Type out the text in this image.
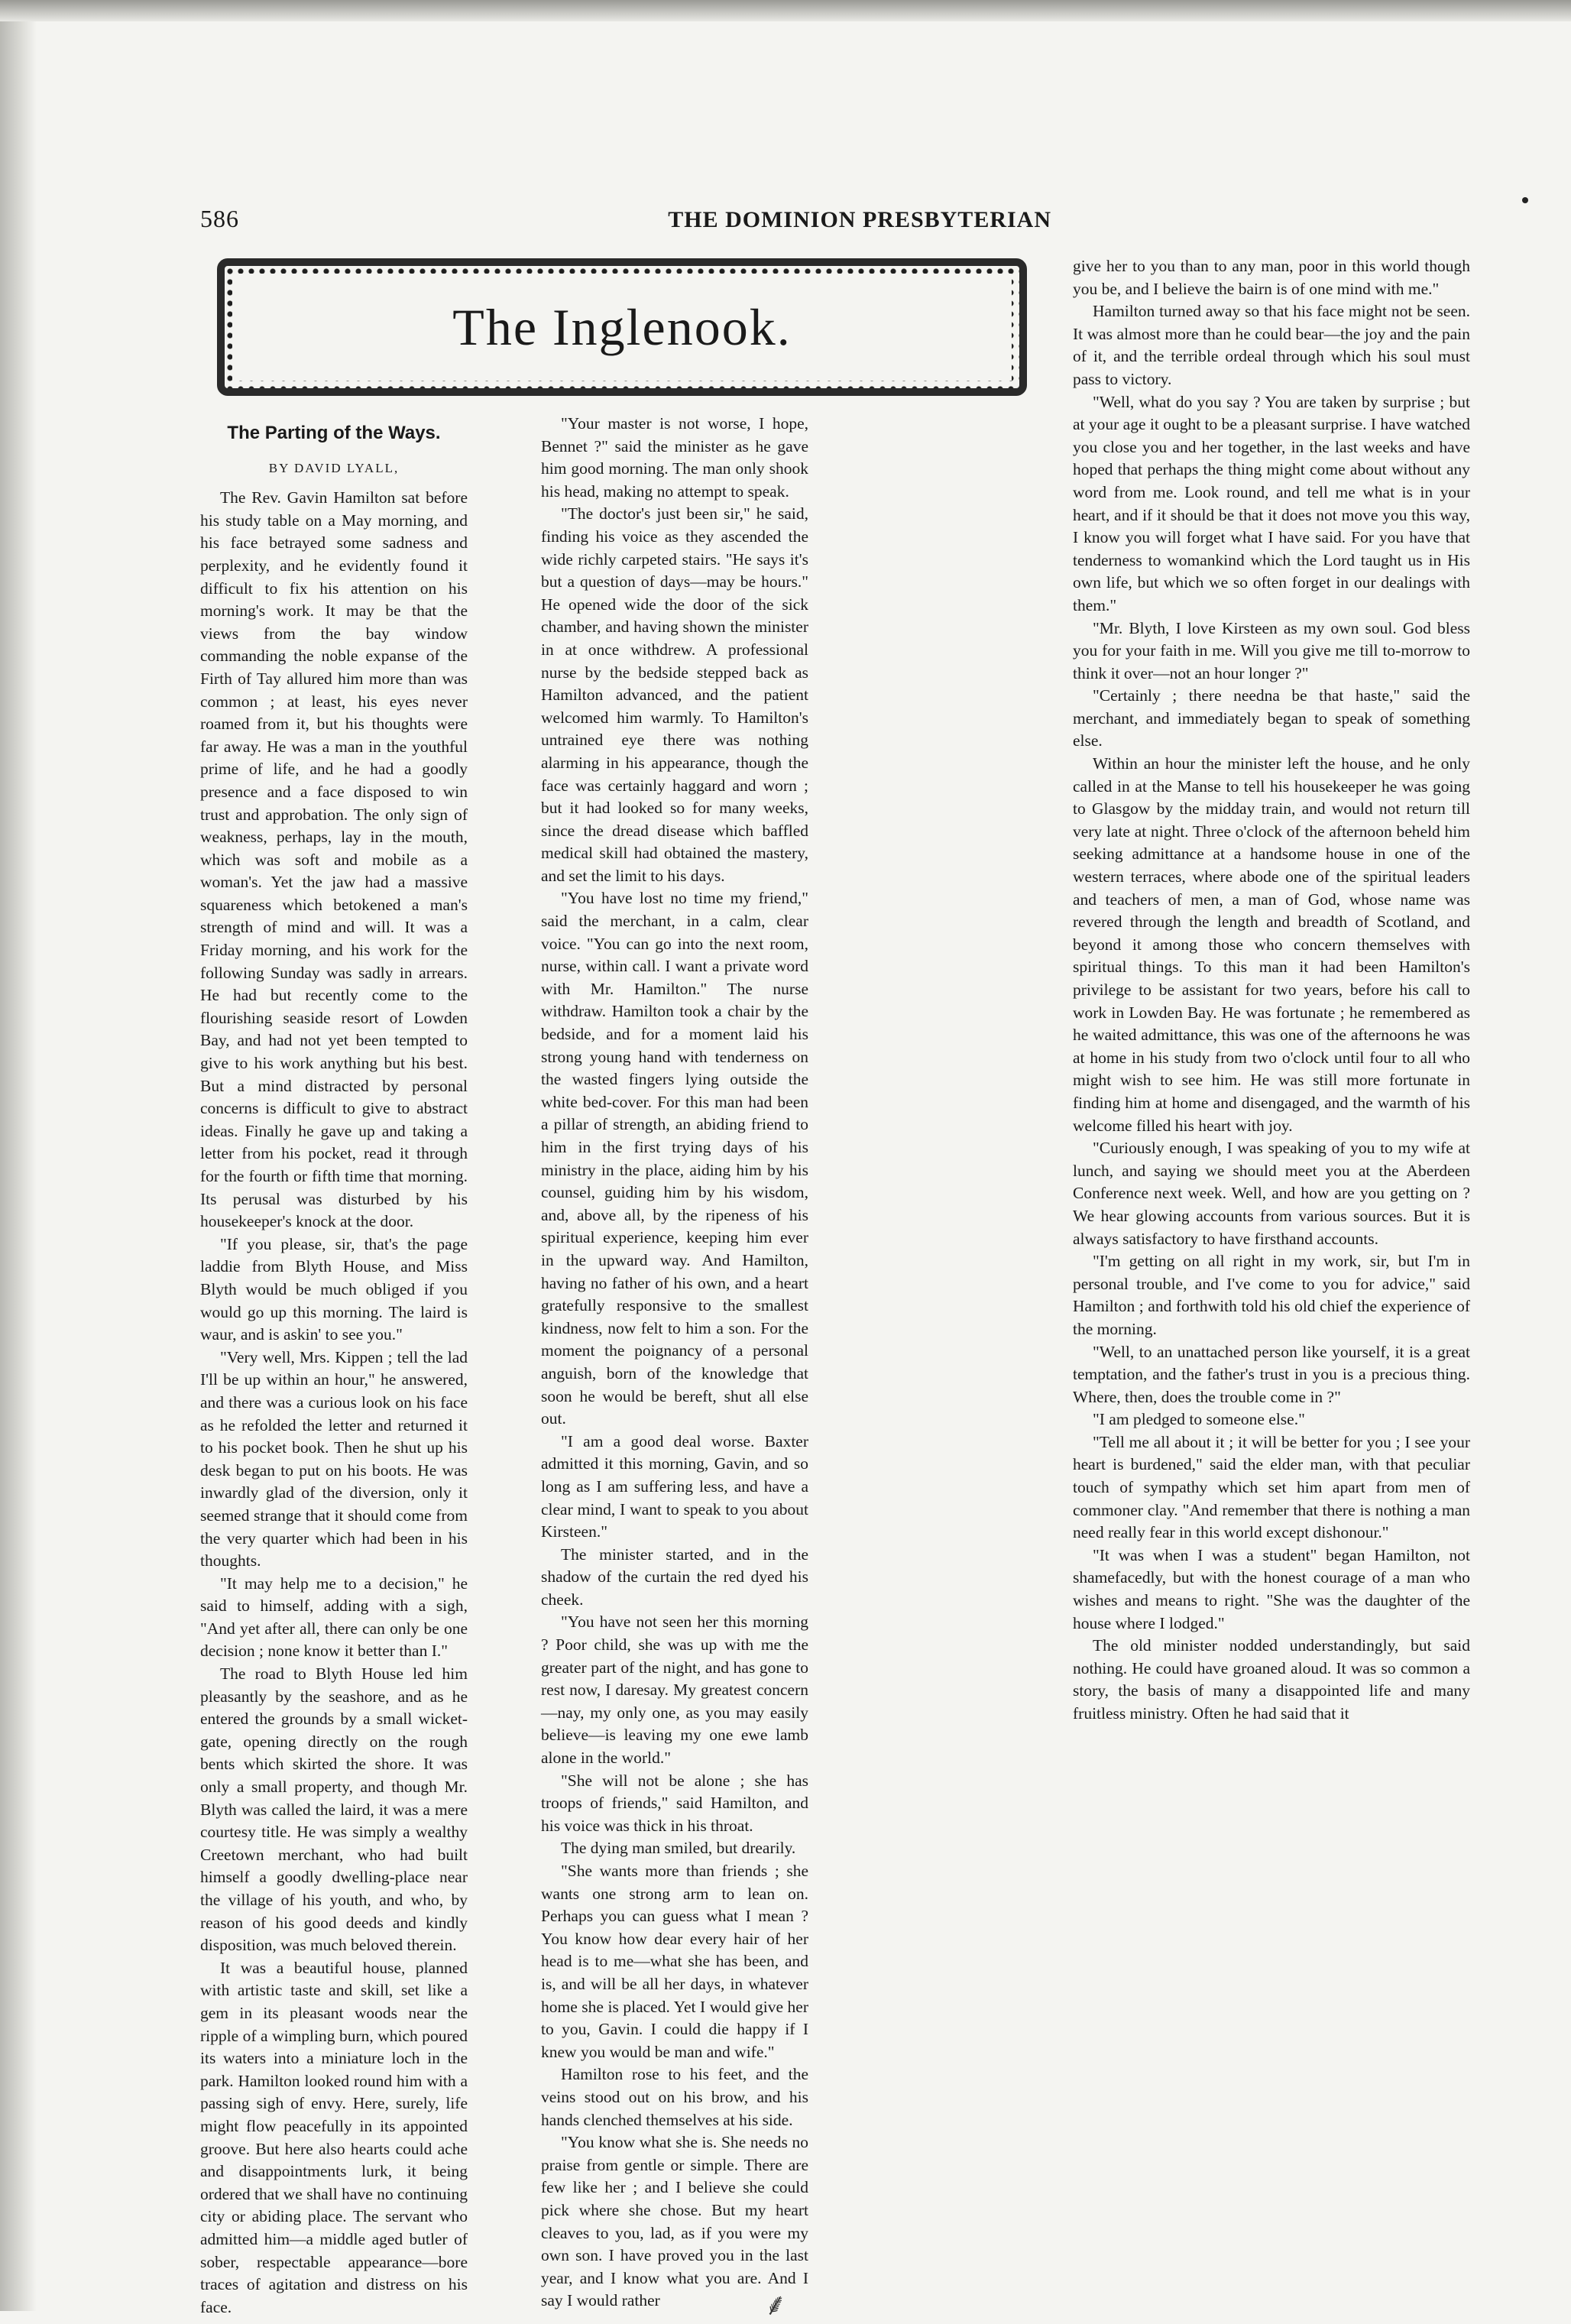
586	THE DOMINION PRESBYTERIAN
The Inglenook.
The Parting of the Ways.
BY DAVID LYALL,

The Rev. Gavin Hamilton sat before his study table on a May morning, and his face betrayed some sadness and perplexity, and he evidently found it difficult to fix his attention on his morning's work. It may be that the views from the bay window commanding the noble expanse of the Firth of Tay allured him more than was common ; at least, his eyes never roamed from it, but his thoughts were far away. He was a man in the youthful prime of life, and he had a goodly presence and a face disposed to win trust and approbation. The only sign of weakness, perhaps, lay in the mouth, which was soft and mobile as a woman's. Yet the jaw had a massive squareness which betokened a man's strength of mind and will. It was a Friday morning, and his work for the following Sunday was sadly in arrears. He had but recently come to the flourishing seaside resort of Lowden Bay, and had not yet been tempted to give to his work anything but his best. But a mind distracted by personal concerns is difficult to give to abstract ideas. Finally he gave up and taking a letter from his pocket, read it through for the fourth or fifth time that morning. Its perusal was disturbed by his housekeeper's knock at the door.

"If you please, sir, that's the page laddie from Blyth House, and Miss Blyth would be much obliged if you would go up this morning. The laird is waur, and is askin' to see you."

"Very well, Mrs. Kippen ; tell the lad I'll be up within an hour," he answered, and there was a curious look on his face as he refolded the letter and returned it to his pocket book. Then he shut up his desk began to put on his boots. He was inwardly glad of the diversion, only it seemed strange that it should come from the very quarter which had been in his thoughts.

"It may help me to a decision," he said to himself, adding with a sigh, "And yet after all, there can only be one decision ; none know it better than I."

The road to Blyth House led him pleasantly by the seashore, and as he entered the grounds by a small wicket-gate, opening directly on the rough bents which skirted the shore. It was only a small property, and though Mr. Blyth was called the laird, it was a mere courtesy title. He was simply a wealthy Creetown merchant, who had built himself a goodly dwelling-place near the village of his youth, and who, by reason of his good deeds and kindly disposition, was much beloved therein.

It was a beautiful house, planned with artistic taste and skill, set like a gem in its pleasant woods near the ripple of a wimpling burn, which poured its waters into a miniature loch in the park. Hamilton looked round him with a passing sigh of envy. Here, surely, life might flow peacefully in its appointed groove. But here also hearts could ache and disappointments lurk, it being ordered that we shall have no continuing city or abiding place. The servant who admitted him—a middle aged butler of sober, respectable appearance—bore traces of agitation and distress on his face.

"Your master is not worse, I hope, Bennet ?" said the minister as he gave him good morning. The man only shook his head, making no attempt to speak.

"The doctor's just been sir," he said, finding his voice as they ascended the wide richly carpeted stairs. "He says it's but a question of days—may be hours." He opened wide the door of the sick chamber, and having shown the minister in at once withdrew. A professional nurse by the bedside stepped back as Hamilton advanced, and the patient welcomed him warmly. To Hamilton's untrained eye there was nothing alarming in his appearance, though the face was certainly haggard and worn ; but it had looked so for many weeks, since the dread disease which baffled medical skill had obtained the mastery, and set the limit to his days.

"You have lost no time my friend," said the merchant, in a calm, clear voice. "You can go into the next room, nurse, within call. I want a private word with Mr. Hamilton." The nurse withdraw. Hamilton took a chair by the bedside, and for a moment laid his strong young hand with tenderness on the wasted fingers lying outside the white bed-cover. For this man had been a pillar of strength, an abiding friend to him in the first trying days of his ministry in the place, aiding him by his counsel, guiding him by his wisdom, and, above all, by the ripeness of his spiritual experience, keeping him ever in the upward way. And Hamilton, having no father of his own, and a heart gratefully responsive to the smallest kindness, now felt to him a son. For the moment the poignancy of a personal anguish, born of the knowledge that soon he would be bereft, shut all else out.

"I am a good deal worse. Baxter admitted it this morning, Gavin, and so long as I am suffering less, and have a clear mind, I want to speak to you about Kirsteen."

The minister started, and in the shadow of the curtain the red dyed his cheek.

"You have not seen her this morning ? Poor child, she was up with me the greater part of the night, and has gone to rest now, I daresay. My greatest concern—nay, my only one, as you may easily believe—is leaving my one ewe lamb alone in the world."

"She will not be alone ; she has troops of friends," said Hamilton, and his voice was thick in his throat.

The dying man smiled, but drearily.

"She wants more than friends ; she wants one strong arm to lean on. Perhaps you can guess what I mean ? You know how dear every hair of her head is to me—what she has been, and is, and will be all her days, in whatever home she is placed. Yet I would give her to you, Gavin. I could die happy if I knew you would be man and wife."

Hamilton rose to his feet, and the veins stood out on his brow, and his hands clenched themselves at his side.

"You know what she is. She needs no praise from gentle or simple. There are few like her ; and I believe she could pick where she chose. But my heart cleaves to you, lad, as if you were my own son. I have proved you in the last year, and I know what you are. And I say I would rather

give her to you than to any man, poor in this world though you be, and I believe the bairn is of one mind with me."

Hamilton turned away so that his face might not be seen. It was almost more than he could bear—the joy and the pain of it, and the terrible ordeal through which his soul must pass to victory.

"Well, what do you say ? You are taken by surprise ; but at your age it ought to be a pleasant surprise. I have watched you close you and her together, in the last weeks and have hoped that perhaps the thing might come about without any word from me. Look round, and tell me what is in your heart, and if it should be that it does not move you this way, I know you will forget what I have said. For you have that tenderness to womankind which the Lord taught us in His own life, but which we so often forget in our dealings with them."

"Mr. Blyth, I love Kirsteen as my own soul. God bless you for your faith in me. Will you give me till to-morrow to think it over—not an hour longer ?"

"Certainly ; there needna be that haste," said the merchant, and immediately began to speak of something else.

Within an hour the minister left the house, and he only called in at the Manse to tell his housekeeper he was going to Glasgow by the midday train, and would not return till very late at night. Three o'clock of the afternoon beheld him seeking admittance at a handsome house in one of the western terraces, where abode one of the spiritual leaders and teachers of men, a man of God, whose name was revered through the length and breadth of Scotland, and beyond it among those who concern themselves with spiritual things. To this man it had been Hamilton's privilege to be assistant for two years, before his call to work in Lowden Bay. He was fortunate ; he remembered as he waited admittance, this was one of the afternoons he was at home in his study from two o'clock until four to all who might wish to see him. He was still more fortunate in finding him at home and disengaged, and the warmth of his welcome filled his heart with joy.

"Curiously enough, I was speaking of you to my wife at lunch, and saying we should meet you at the Aberdeen Conference next week. Well, and how are you getting on ? We hear glowing accounts from various sources. But it is always satisfactory to have firsthand accounts.

"I'm getting on all right in my work, sir, but I'm in personal trouble, and I've come to you for advice," said Hamilton ; and forthwith told his old chief the experience of the morning.

"Well, to an unattached person like yourself, it is a great temptation, and the father's trust in you is a precious thing. Where, then, does the trouble come in ?"

"I am pledged to someone else."

"Tell me all about it ; it will be better for you ; I see your heart is burdened," said the elder man, with that peculiar touch of sympathy which set him apart from men of commoner clay. "And remember that there is nothing a man need really fear in this world except dishonour."

"It was when I was a student" began Hamilton, not shamefacedly, but with the honest courage of a man who wishes and means to right. "She was the daughter of the house where I lodged."

The old minister nodded understandingly, but said nothing. He could have groaned aloud. It was so common a story, the basis of many a disappointed life and many fruitless ministry. Often he had said that it

⸙
